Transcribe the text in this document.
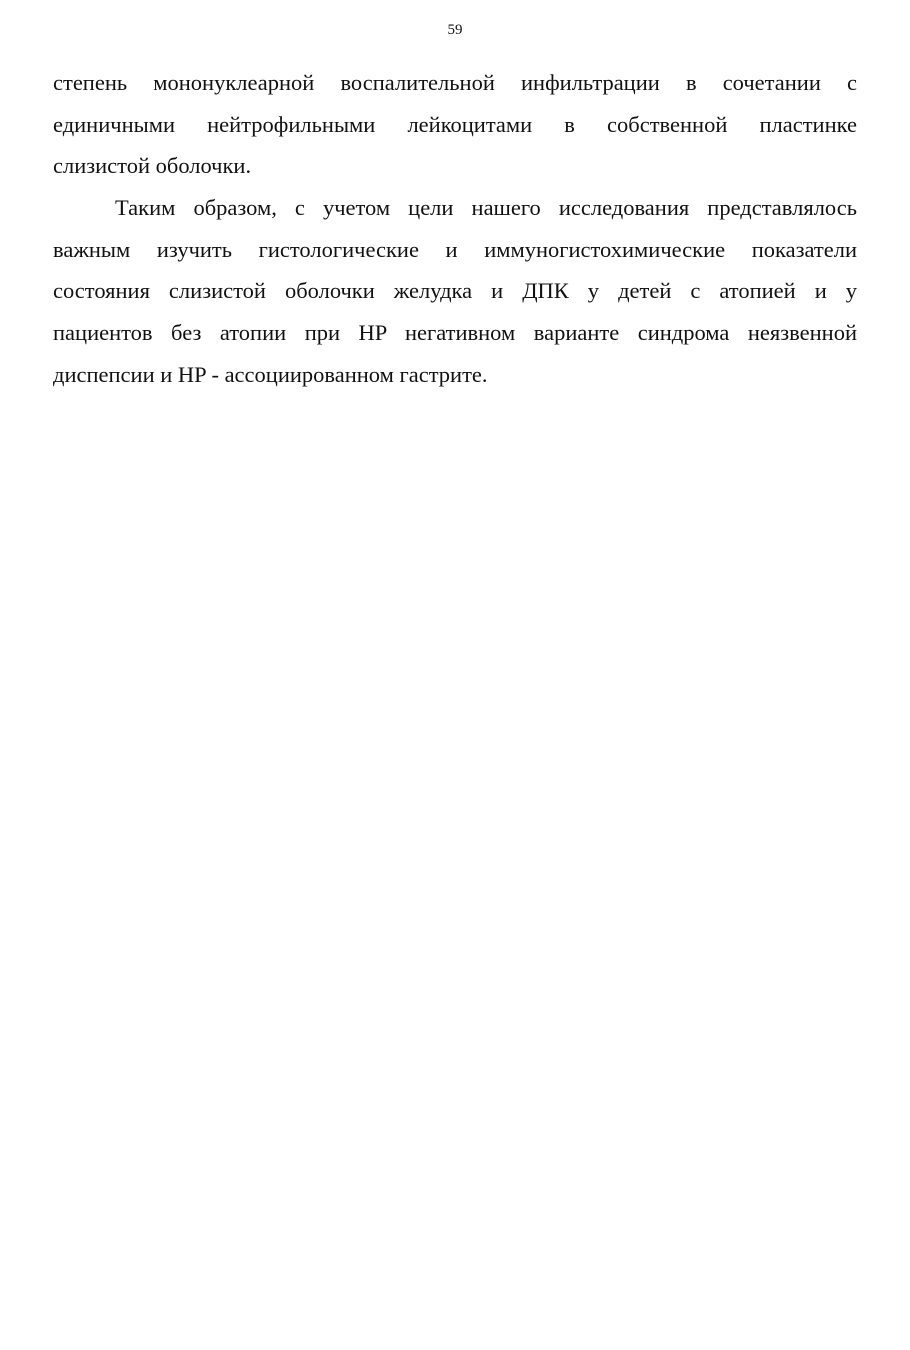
59
степень мононуклеарной воспалительной инфильтрации в сочетании с
единичными нейтрофильными лейкоцитами в собственной пластинке
слизистой оболочки.
Таким образом, с учетом цели нашего исследования представлялось
важным изучить гистологические и иммуногистохимические показатели
состояния слизистой оболочки желудка и ДПК у детей с атопией и у
пациентов без атопии при HP негативном варианте синдрома неязвенной
диспепсии и HP - ассоциированном гастрите.
